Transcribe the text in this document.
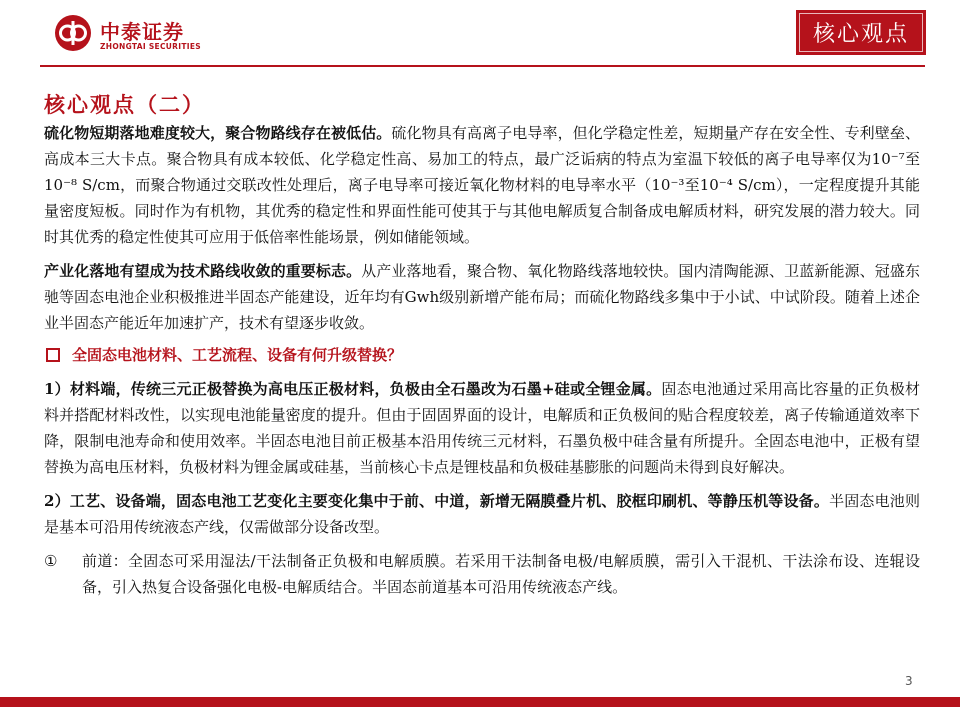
中泰证券
ZHONGTAI SECURITIES	核心观点
核心观点（二）

硫化物短期落地难度较大，聚合物路线存在被低估。硫化物具有高离子电导率，但化学稳定性差，短期量产存在安全性、专利壁垒、高成本三大卡点。聚合物具有成本较低、化学稳定性高、易加工的特点，最广泛诟病的特点为室温下较低的离子电导率仅为10⁻⁷至10⁻⁸ S/cm，而聚合物通过交联改性处理后，离子电导率可接近氧化物材料的电导率水平（10⁻³至10⁻⁴ S/cm），一定程度提升其能量密度短板。同时作为有机物，其优秀的稳定性和界面性能可使其于与其他电解质复合制备成电解质材料，研究发展的潜力较大。同时其优秀的稳定性使其可应用于低倍率性能场景，例如储能领域。

产业化落地有望成为技术路线收敛的重要标志。从产业落地看，聚合物、氧化物路线落地较快。国内清陶能源、卫蓝新能源、冠盛东驰等固态电池企业积极推进半固态产能建设，近年均有Gwh级别新增产能布局；而硫化物路线多集中于小试、中试阶段。随着上述企业半固态产能近年加速扩产，技术有望逐步收敛。

全固态电池材料、工艺流程、设备有何升级替换？

1）材料端，传统三元正极替换为高电压正极材料，负极由全石墨改为石墨+硅或全锂金属。固态电池通过采用高比容量的正负极材料并搭配材料改性，以实现电池能量密度的提升。但由于固固界面的设计，电解质和正负极间的贴合程度较差，离子传输通道效率下降，限制电池寿命和使用效率。半固态电池目前正极基本沿用传统三元材料，石墨负极中硅含量有所提升。全固态电池中，正极有望替换为高电压材料，负极材料为锂金属或硅基，当前核心卡点是锂枝晶和负极硅基膨胀的问题尚未得到良好解决。

2）工艺、设备端，固态电池工艺变化主要变化集中于前、中道，新增无隔膜叠片机、胶框印刷机、等静压机等设备。半固态电池则是基本可沿用传统液态产线，仅需做部分设备改型。

①	前道：全固态可采用湿法/干法制备正负极和电解质膜。若采用干法制备电极/电解质膜，需引入干混机、干法涂布设、连辊设备，引入热复合设备强化电极-电解质结合。半固态前道基本可沿用传统液态产线。

3
